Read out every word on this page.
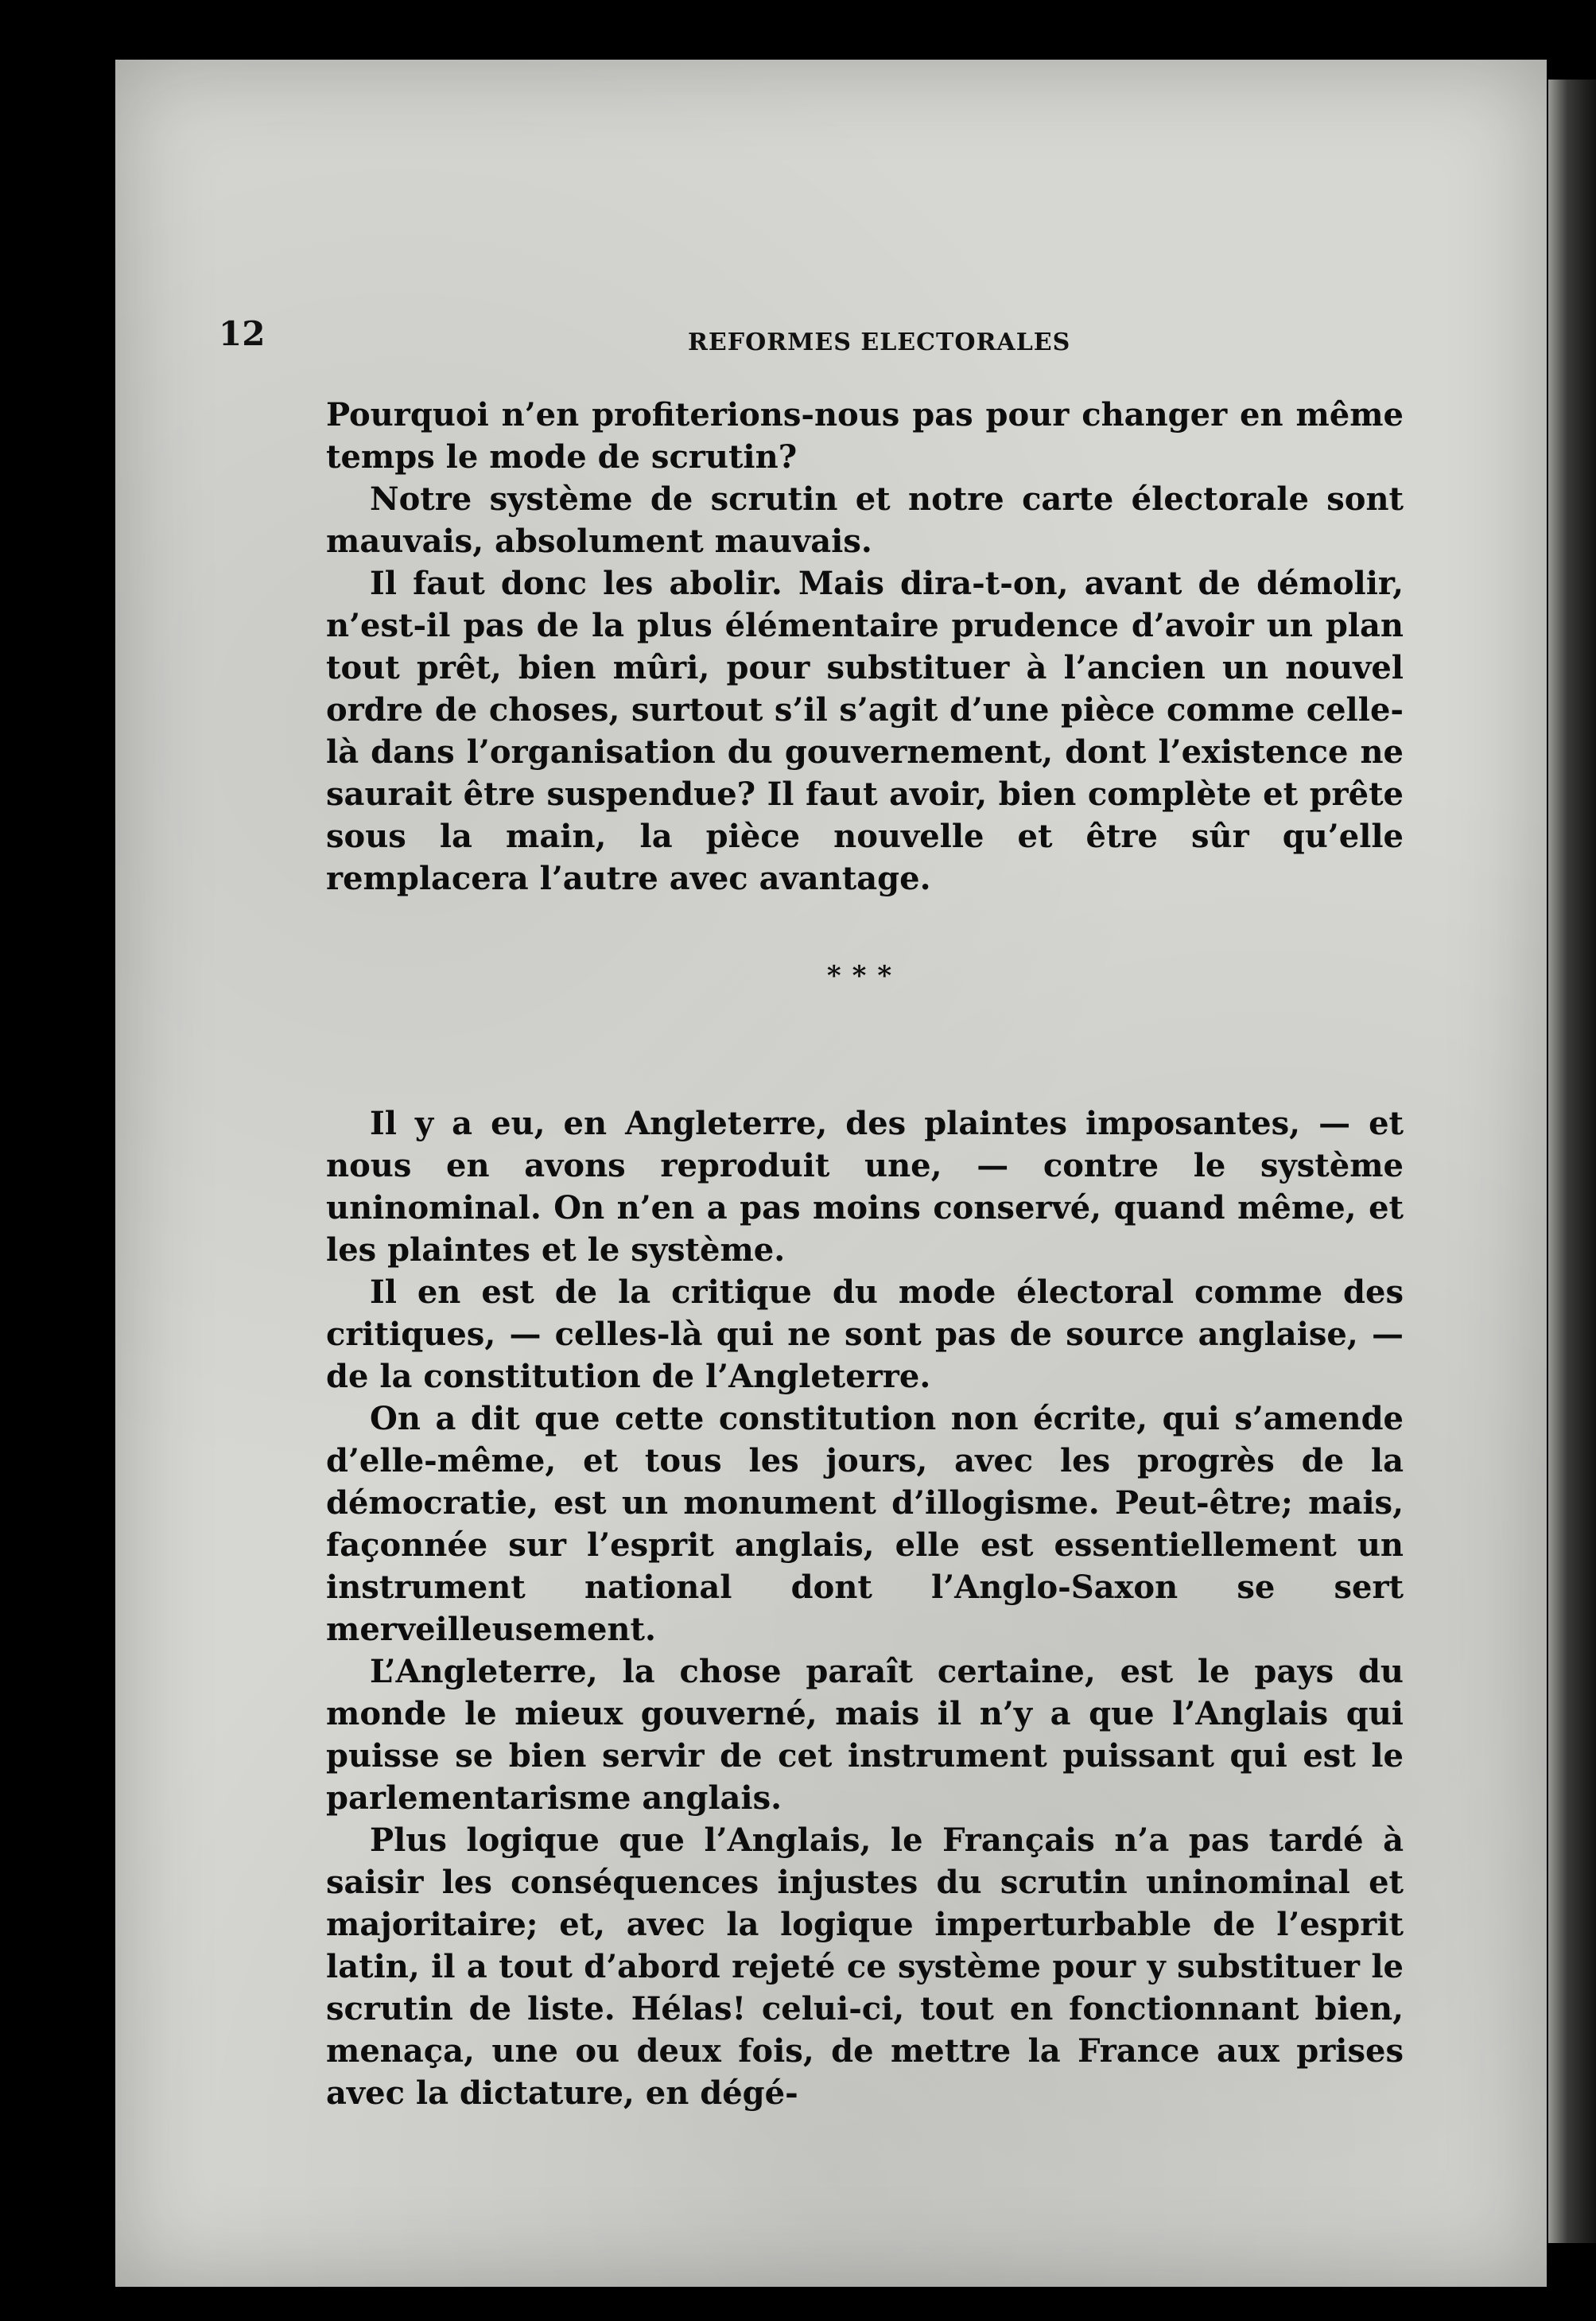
12	REFORMES ELECTORALES

Pourquoi n’en profiterions-nous pas pour changer en même temps le mode de scrutin?

Notre système de scrutin et notre carte électorale sont mauvais, absolument mauvais.

Il faut donc les abolir. Mais dira-t-on, avant de démolir, n’est-il pas de la plus élémentaire prudence d’avoir un plan tout prêt, bien mûri, pour substituer à l’ancien un nouvel ordre de choses, surtout s’il s’agit d’une pièce comme celle-là dans l’organisation du gouvernement, dont l’existence ne saurait être suspendue? Il faut avoir, bien complète et prête sous la main, la pièce nouvelle et être sûr qu’elle remplacera l’autre avec avantage.

***

Il y a eu, en Angleterre, des plaintes imposantes, — et nous en avons reproduit une, — contre le système uninominal. On n’en a pas moins conservé, quand même, et les plaintes et le système.

Il en est de la critique du mode électoral comme des critiques, — celles-là qui ne sont pas de source anglaise, — de la constitution de l’Angleterre.

On a dit que cette constitution non écrite, qui s’amende d’elle-même, et tous les jours, avec les progrès de la démocratie, est un monument d’illogisme. Peut-être; mais, façonnée sur l’esprit anglais, elle est essentiellement un instrument national dont l’Anglo-Saxon se sert merveilleusement.

L’Angleterre, la chose paraît certaine, est le pays du monde le mieux gouverné, mais il n’y a que l’Anglais qui puisse se bien servir de cet instrument puissant qui est le parlementarisme anglais.

Plus logique que l’Anglais, le Français n’a pas tardé à saisir les conséquences injustes du scrutin uninominal et majoritaire; et, avec la logique imperturbable de l’esprit latin, il a tout d’abord rejeté ce système pour y substituer le scrutin de liste. Hélas! celui-ci, tout en fonctionnant bien, menaça, une ou deux fois, de mettre la France aux prises avec la dictature, en dégé-
